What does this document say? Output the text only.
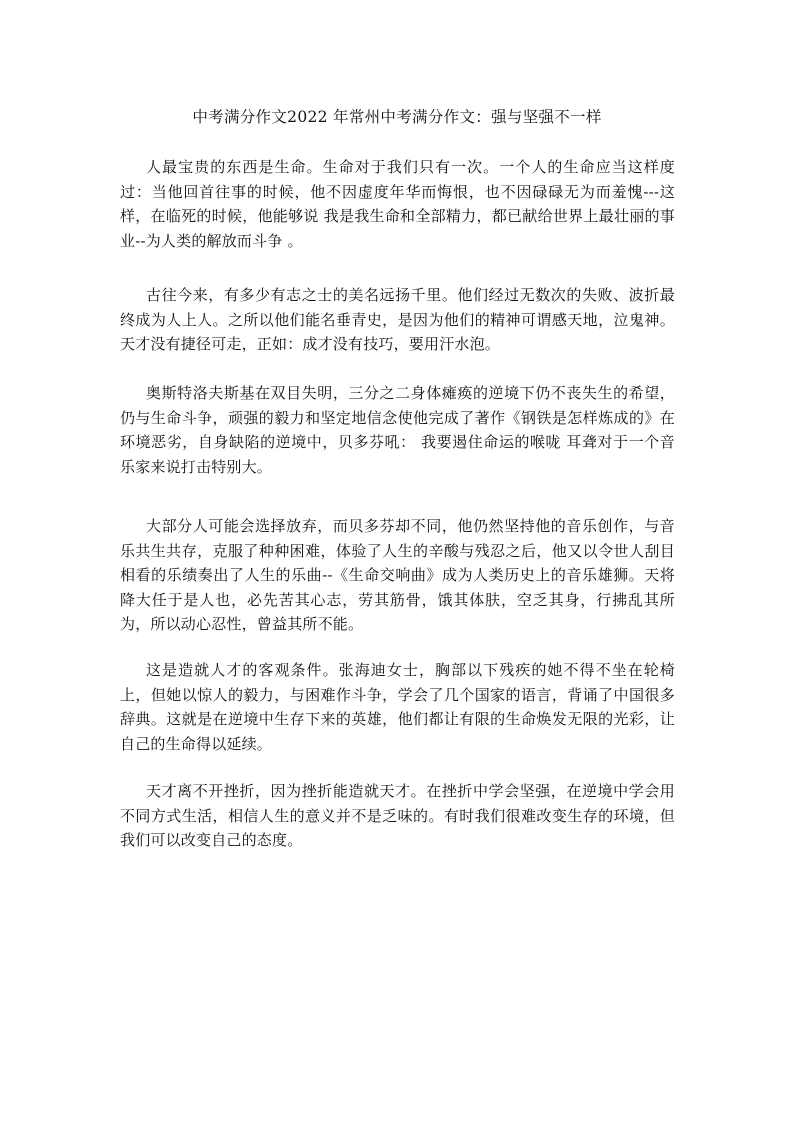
中考满分作文2022 年常州中考满分作文：强与坚强不一样

人最宝贵的东西是生命。生命对于我们只有一次。一个人的生命应当这样度过：当他回首往事的时候，他不因虚度年华而悔恨，也不因碌碌无为而羞愧---这样，在临死的时候，他能够说 我是我生命和全部精力，都已献给世界上最壮丽的事业--为人类的解放而斗争 。

古往今来，有多少有志之士的美名远扬千里。他们经过无数次的失败、波折最终成为人上人。之所以他们能名垂青史，是因为他们的精神可谓感天地，泣鬼神。天才没有捷径可走，正如：成才没有技巧，要用汗水泡。

奥斯特洛夫斯基在双目失明，三分之二身体瘫痪的逆境下仍不丧失生的希望，仍与生命斗争，顽强的毅力和坚定地信念使他完成了著作《钢铁是怎样炼成的》在环境恶劣，自身缺陷的逆境中，贝多芬吼： 我要遏住命运的喉咙 耳聋对于一个音乐家来说打击特别大。

大部分人可能会选择放弃，而贝多芬却不同，他仍然坚持他的音乐创作，与音乐共生共存，克服了种种困难，体验了人生的辛酸与残忍之后，他又以令世人刮目相看的乐绩奏出了人生的乐曲--《生命交响曲》成为人类历史上的音乐雄狮。天将降大任于是人也，必先苦其心志，劳其筋骨，饿其体肤，空乏其身，行拂乱其所为，所以动心忍性，曾益其所不能。

这是造就人才的客观条件。张海迪女士，胸部以下残疾的她不得不坐在轮椅上，但她以惊人的毅力，与困难作斗争，学会了几个国家的语言，背诵了中国很多辞典。这就是在逆境中生存下来的英雄，他们都让有限的生命焕发无限的光彩，让自己的生命得以延续。

天才离不开挫折，因为挫折能造就天才。在挫折中学会坚强，在逆境中学会用不同方式生活，相信人生的意义并不是乏味的。有时我们很难改变生存的环境，但我们可以改变自己的态度。
